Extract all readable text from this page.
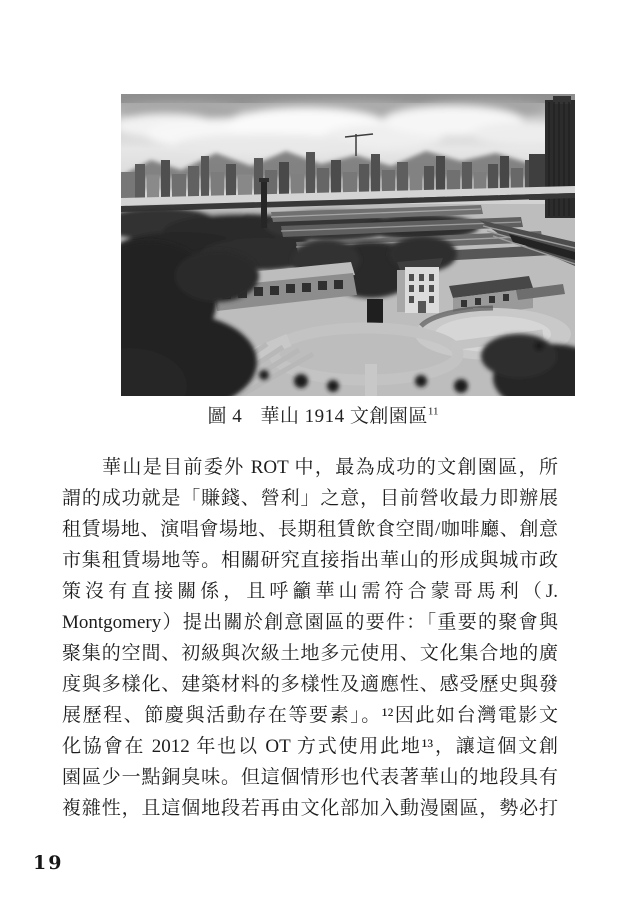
圖 4 華山 1914 文創園區$^{11}$
華山是目前委外 ROT 中，最為成功的文創園區，所
謂的成功就是「賺錢、營利」之意，目前營收最力即辦展
租賃場地、演唱會場地、長期租賃飲食空間/咖啡廳、創意
市集租賃場地等。相關研究直接指出華山的形成與城市政
策沒有直接關係，且呼籲華山需符合蒙哥馬利（J.
Montgomery）提出關於創意園區的要件：「重要的聚會與
聚集的空間、初級與次級土地多元使用、文化集合地的廣
度與多樣化、建築材料的多樣性及適應性、感受歷史與發
展歷程、節慶與活動存在等要素」。¹²因此如台灣電影文
化協會在 2012 年也以 OT 方式使用此地¹³，讓這個文創
園區少一點銅臭味。但這個情形也代表著華山的地段具有
複雜性，且這個地段若再由文化部加入動漫園區，勢必打
19
